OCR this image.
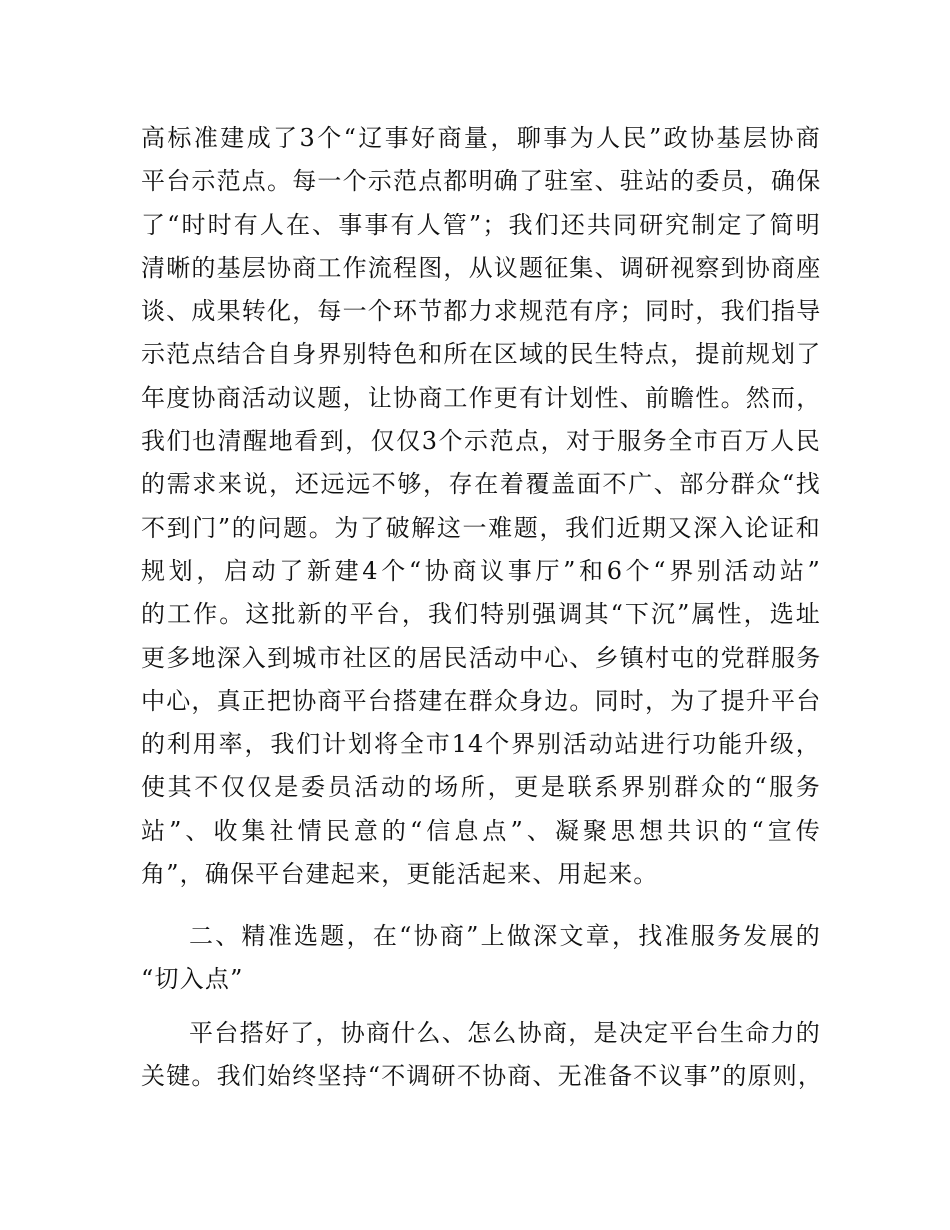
高标准建成了3个“辽事好商量，聊事为人民”政协基层协商
平台示范点。每一个示范点都明确了驻室、驻站的委员，确保
了“时时有人在、事事有人管”；我们还共同研究制定了简明
清晰的基层协商工作流程图，从议题征集、调研视察到协商座
谈、成果转化，每一个环节都力求规范有序；同时，我们指导
示范点结合自身界别特色和所在区域的民生特点，提前规划了
年度协商活动议题，让协商工作更有计划性、前瞻性。然而，
我们也清醒地看到，仅仅3个示范点，对于服务全市百万人民
的需求来说，还远远不够，存在着覆盖面不广、部分群众“找
不到门”的问题。为了破解这一难题，我们近期又深入论证和
规划，启动了新建4个“协商议事厅”和6个“界别活动站”
的工作。这批新的平台，我们特别强调其“下沉”属性，选址
更多地深入到城市社区的居民活动中心、乡镇村屯的党群服务
中心，真正把协商平台搭建在群众身边。同时，为了提升平台
的利用率，我们计划将全市14个界别活动站进行功能升级，
使其不仅仅是委员活动的场所，更是联系界别群众的“服务
站”、收集社情民意的“信息点”、凝聚思想共识的“宣传
角”，确保平台建起来，更能活起来、用起来。
二、精准选题，在“协商”上做深文章，找准服务发展的
“切入点”
平台搭好了，协商什么、怎么协商，是决定平台生命力的
关键。我们始终坚持“不调研不协商、无准备不议事”的原则，
